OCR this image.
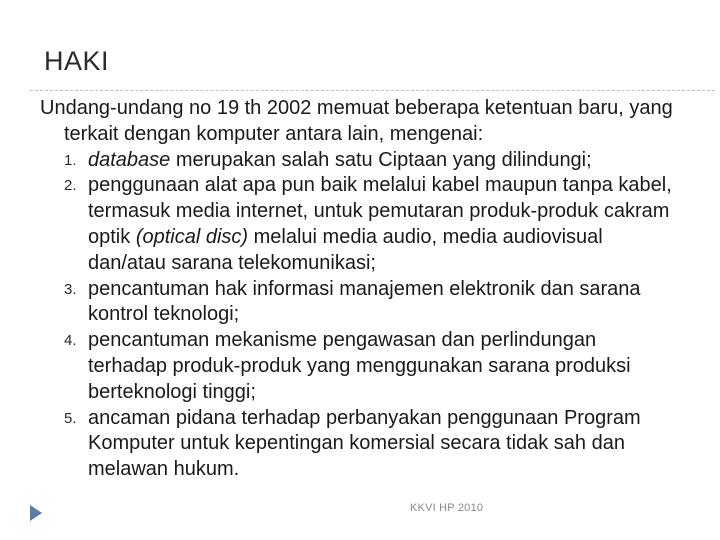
HAKI

Undang-undang no 19 th 2002 memuat beberapa ketentuan baru, yang terkait dengan komputer antara lain, mengenai:

1. database merupakan salah satu Ciptaan yang dilindungi;
2. penggunaan alat apa pun baik melalui kabel maupun tanpa kabel, termasuk media internet, untuk pemutaran produk-produk cakram optik (optical disc) melalui media audio, media audiovisual dan/atau sarana telekomunikasi;
3. pencantuman hak informasi manajemen elektronik dan sarana kontrol teknologi;
4. pencantuman mekanisme pengawasan dan perlindungan terhadap produk-produk yang menggunakan sarana produksi berteknologi tinggi;
5. ancaman pidana terhadap perbanyakan penggunaan Program Komputer untuk kepentingan komersial secara tidak sah dan melawan hukum.
KKVI HP 2010
